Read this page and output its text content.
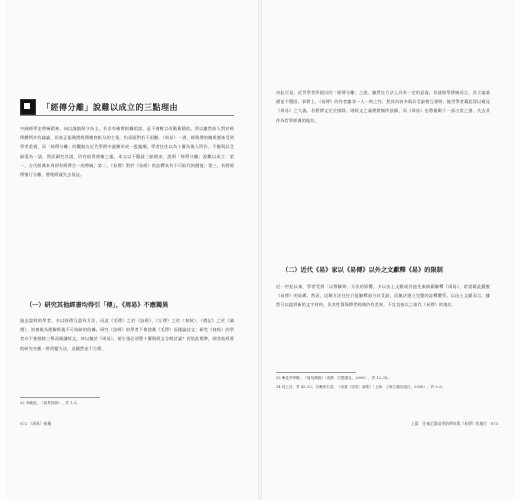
「經傳分離」說難以成立的三點理由

中國經學史傳統精神，向以謹慎保守為主，若非有確實根據的話，是不會輕言改動舊籍的。所以雖然前人對於經傳體例多有議論，但真正能夠將經傳徹底析分的主張，仍須面對若干困難。《周易》一書，經與傳的關係歷來受到學者重視，而「經傳分離」的觀點在近代學術中逐漸形成一股風潮。學者往往以為十翼為後人所作，不應與卦爻辭混為一談，然而細究其說，仍有值得商榷之處。本文以下擬就三點理由，說明「經傳分離」說難以成立：第一，古代經典本身即有經傳合一的傳統；第二，《易傳》對於《易經》的詮釋具有不可取代的價值；第三，若將經傳強行分離，將使經義失去依託。

（一）研究其他經書均得引「傳」，《周易》不應獨異

過去說經的學者，多以經傳互證為方法，因此《毛傳》之於《詩經》、《左傳》之於《春秋》、《禮記》之於《儀禮》，皆被視為理解經義不可或缺的依據。研究《詩經》的學者不會捨棄《毛傳》而僅論詩文；研究《春秋》的學者亦不會排除三傳而僅讀經文。何以獨於《周易》，卻主張必須將十翼與經文分開討論？若依此標準，則其他經書的研究亦應一併改變方法，這顯然並不合理。

32 李鏡池，《周易探源》，頁 1–3。

072 《周易》新解

由此可見，近世學者所提出的「經傳分離」之說，雖然在方法上具有一定的意義，但就經學傳統而言，其立論基礎並不穩固。事實上，《易傳》的作者雖非一人一時之作，然其內容多與卦爻辭相互發明，後世學者藉此得以窺見《周易》之大義。若將傳文完全排除，則經文之義理將無所依歸，而《周易》也將僅剩下一部占筮之書，失去其作為哲學經典的地位。

（二）近代《易》家以《易傳》以外之文獻釋《易》的限制

近一世紀以來，學者受到「以傳解經」方法的影響，多以出土文獻或其他先秦典籍解釋《周易》，希望藉此擺脫《易傳》的束縛。然而，這類方法往往只能解釋部分卦爻辭，而無法建立完整的詮釋體系。以出土文獻而言，雖然可以提供新的文字材料，但其性質與傳世經典仍有差異，不宜直接以之取代《易傳》的地位。

33 參見李學勤，《周易溯源》（成都：巴蜀書社，2006），頁 12–18。

34 同上註，頁 45–52；另參廖名春，《帛書〈周易〉論集》（上海：上海古籍出版社，2008），頁 3–9。

上篇　先秦至漢易學的傳承與《易傳》的地位　073
